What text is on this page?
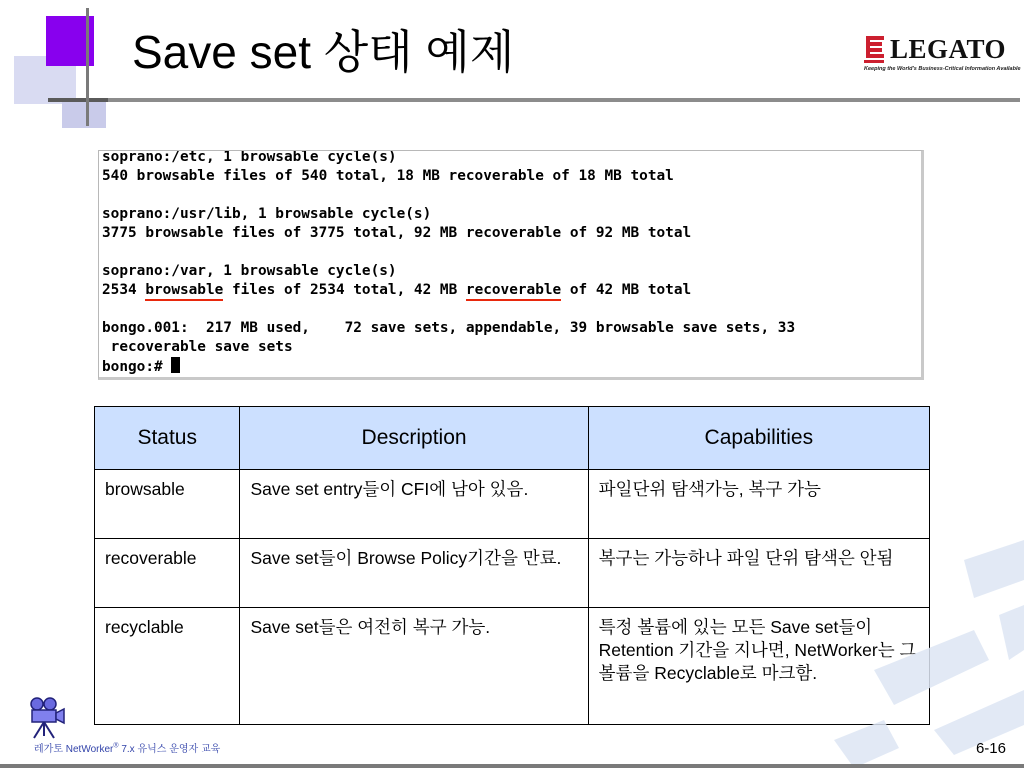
Save set 상태 예제	LEGATO
Keeping the World's Business-Critical Information Available
soprano:/etc, 1 browsable cycle(s)
540 browsable files of 540 total, 18 MB recoverable of 18 MB total
soprano:/usr/lib, 1 browsable cycle(s)
3775 browsable files of 3775 total, 92 MB recoverable of 92 MB total
soprano:/var, 1 browsable cycle(s)
2534 browsable files of 2534 total, 42 MB recoverable of 42 MB total
bongo.001:  217 MB used,    72 save sets, appendable, 39 browsable save sets, 33
recoverable save sets
bongo:#
Status	Description	Capabilities
browsable	Save set entry들이 CFI에 남아 있음.	파일단위 탐색가능, 복구 가능
recoverable	Save set들이 Browse Policy기간을 만료.	복구는 가능하나 파일 단위 탐색은 안됨
recyclable	Save set들은 여전히 복구 가능.	특정 볼륨에 있는 모든 Save set들이 Retention 기간을 지나면, NetWorker는 그 볼륨을 Recyclable로 마크함.
레가토 NetWorker® 7.x 유닉스 운영자 교육	6-16
